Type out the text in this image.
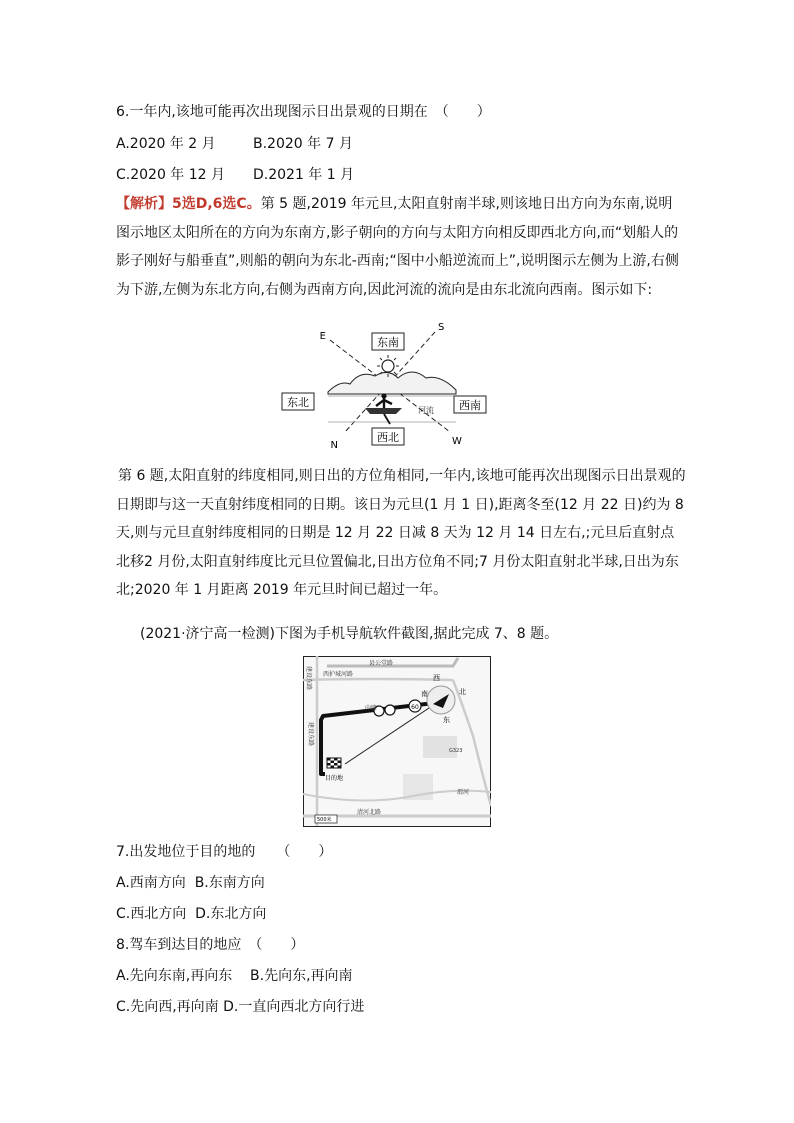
6.一年内,该地可能再次出现图示日出景观的日期在　（　　）
A.2020 年 2 月	B.2020 年 7 月
C.2020 年 12 月 D.2021 年 1 月
【解析】5选D,6选C。第 5 题,2019 年元旦,太阳直射南半球,则该地日出方向为东南,说明图示地区太阳所在的方向为东南方,影子朝向的方向与太阳方向相反即西北方向,而“划船人的影子刚好与船垂直”,则船的朝向为东北-西南;“图中小船逆流而上”,说明图示左侧为上游,右侧为下游,左侧为东北方向,右侧为西南方向,因此河流的流向是由东北流向西南。图示如下:
E
S
N	W
东南
东北	西南
西北
河流
第 6 题,太阳直射的纬度相同,则日出的方位角相同,一年内,该地可能再次出现图示日出景观的日期即与这一天直射纬度相同的日期。该日为元旦(1 月 1 日),距离冬至(12 月 22 日)约为 8 天,则与元旦直射纬度相同的日期是 12 月 22 日减 8 天为 12 月 14 日左右,;元旦后直射点北移2 月份,太阳直射纬度比元旦位置偏北,日出方位角不同;7 月份太阳直射北半球,日出为东北;2020 年 1 月距离 2019 年元旦时间已超过一年。
(2021·济宁高一检测)下图为手机导航软件截图,据此完成 7、8 题。
60
县公堂路
西护城河路
建设东路
建设东路
中路
西
北
南
东
目的地
清河北路
G323
渭河
500米
7.出发地位于目的地的　　（　　）
A.西南方向 B.东南方向
C.西北方向 D.东北方向
8.驾车到达目的地应　（　　）
A.先向东南,再向东 B.先向东,再向南
C.先向西,再向南 D.一直向西北方向行进
